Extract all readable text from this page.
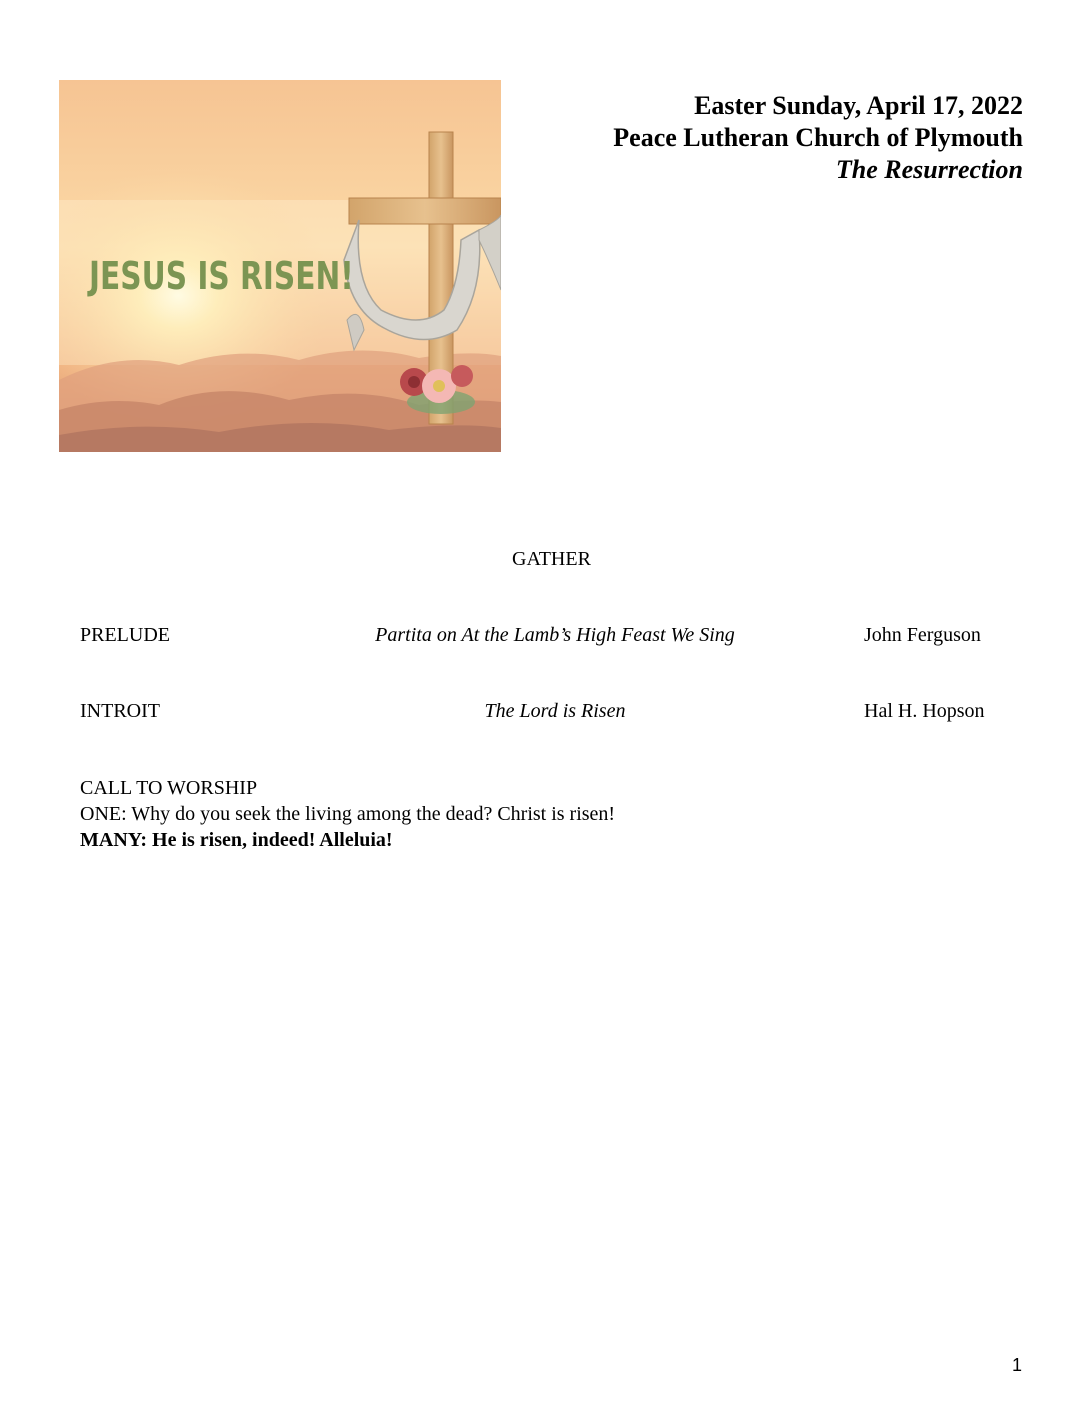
JESUS IS RISEN!
Easter Sunday, April 17, 2022
Peace Lutheran Church of Plymouth
The Resurrection
GATHER
PRELUDE	Partita on At the Lamb’s High Feast We Sing	John Ferguson
INTROIT	The Lord is Risen	Hal H. Hopson
CALL TO WORSHIP
ONE: Why do you seek the living among the dead? Christ is risen!
MANY: He is risen, indeed! Alleluia!
1
